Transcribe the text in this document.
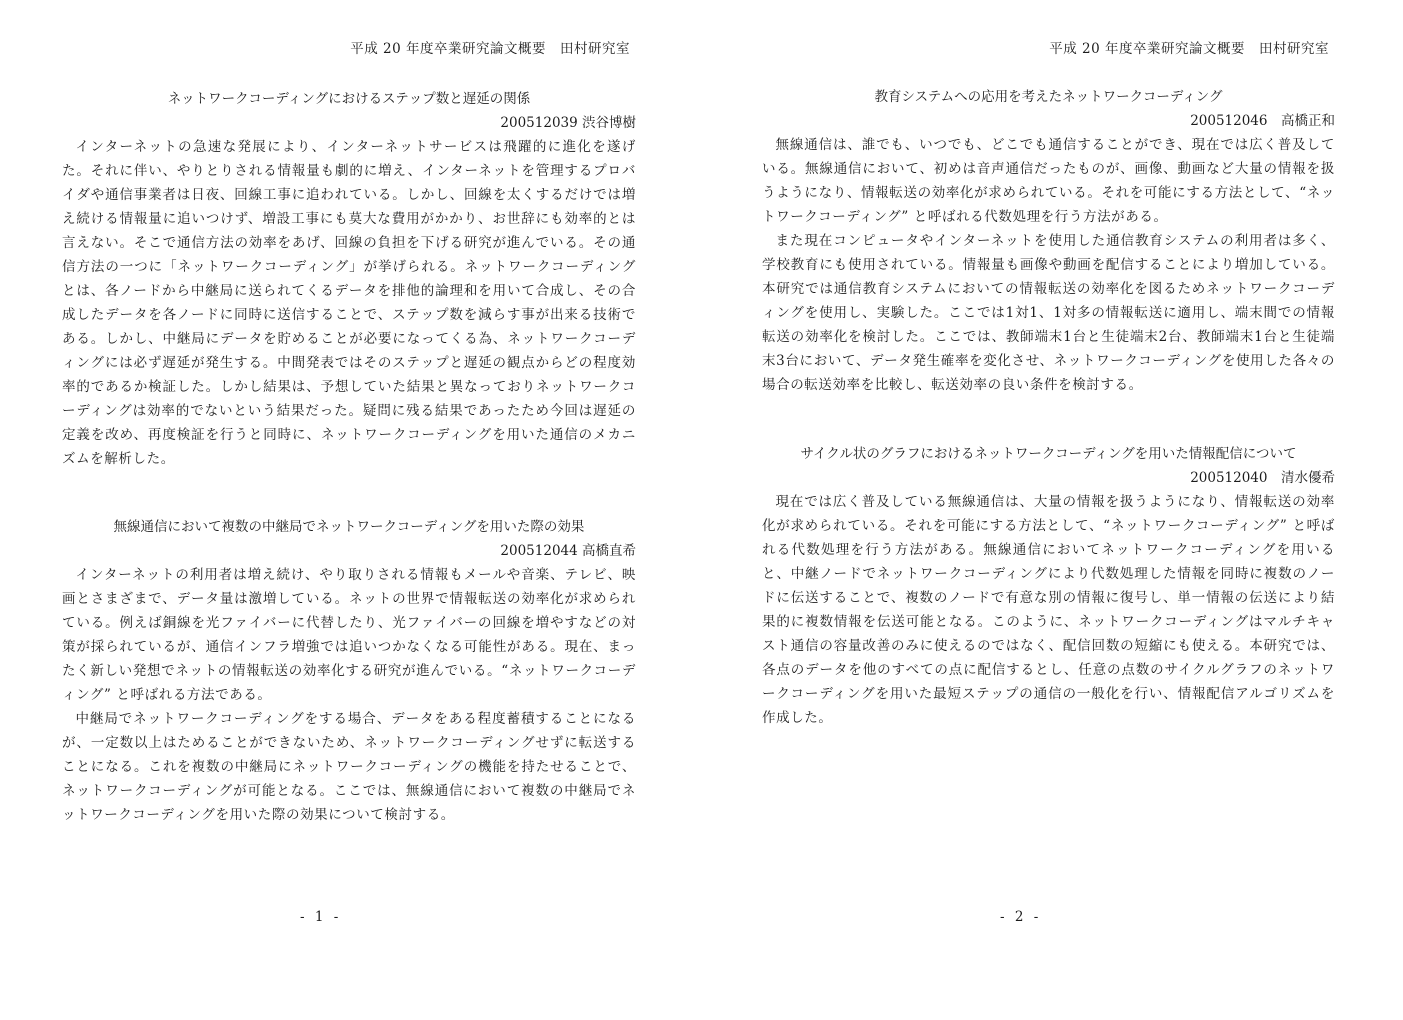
平成 20 年度卒業研究論文概要　田村研究室
ネットワークコーディングにおけるステップ数と遅延の関係
200512039 渋谷博樹

インターネットの急速な発展により、インターネットサービスは飛躍的に進化を遂げた。それに伴い、やりとりされる情報量も劇的に増え、インターネットを管理するプロバイダや通信事業者は日夜、回線工事に追われている。しかし、回線を太くするだけでは増え続ける情報量に追いつけず、増設工事にも莫大な費用がかかり、お世辞にも効率的とは言えない。そこで通信方法の効率をあげ、回線の負担を下げる研究が進んでいる。その通信方法の一つに「ネットワークコーディング」が挙げられる。ネットワークコーディングとは、各ノードから中継局に送られてくるデータを排他的論理和を用いて合成し、その合成したデータを各ノードに同時に送信することで、ステップ数を減らす事が出来る技術である。しかし、中継局にデータを貯めることが必要になってくる為、ネットワークコーディングには必ず遅延が発生する。中間発表ではそのステップと遅延の観点からどの程度効率的であるか検証した。しかし結果は、予想していた結果と異なっておりネットワークコーディングは効率的でないという結果だった。疑問に残る結果であったため今回は遅延の定義を改め、再度検証を行うと同時に、ネットワークコーディングを用いた通信のメカニズムを解析した。

無線通信において複数の中継局でネットワークコーディングを用いた際の効果
200512044 高橋直希

インターネットの利用者は増え続け、やり取りされる情報もメールや音楽、テレビ、映画とさまざまで、データ量は激増している。ネットの世界で情報転送の効率化が求められている。例えば銅線を光ファイバーに代替したり、光ファイバーの回線を増やすなどの対策が採られているが、通信インフラ増強では追いつかなくなる可能性がある。現在、まったく新しい発想でネットの情報転送の効率化する研究が進んでいる。“ネットワークコーディング” と呼ばれる方法である。

中継局でネットワークコーディングをする場合、データをある程度蓄積することになるが、一定数以上はためることができないため、ネットワークコーディングせずに転送することになる。これを複数の中継局にネットワークコーディングの機能を持たせることで、ネットワークコーディングが可能となる。ここでは、無線通信において複数の中継局でネットワークコーディングを用いた際の効果について検討する。

- 1 -
平成 20 年度卒業研究論文概要　田村研究室
教育システムへの応用を考えたネットワークコーディング
200512046　高橋正和

無線通信は、誰でも、いつでも、どこでも通信することができ、現在では広く普及している。無線通信において、初めは音声通信だったものが、画像、動画など大量の情報を扱うようになり、情報転送の効率化が求められている。それを可能にする方法として、“ネットワークコーディング” と呼ばれる代数処理を行う方法がある。

また現在コンピュータやインターネットを使用した通信教育システムの利用者は多く、学校教育にも使用されている。情報量も画像や動画を配信することにより増加している。本研究では通信教育システムにおいての情報転送の効率化を図るためネットワークコーディングを使用し、実験した。ここでは1対1、1対多の情報転送に適用し、端末間での情報転送の効率化を検討した。ここでは、教師端末1台と生徒端末2台、教師端末1台と生徒端末3台において、データ発生確率を変化させ、ネットワークコーディングを使用した各々の場合の転送効率を比較し、転送効率の良い条件を検討する。

サイクル状のグラフにおけるネットワークコーディングを用いた情報配信について
200512040　清水優希

現在では広く普及している無線通信は、大量の情報を扱うようになり、情報転送の効率化が求められている。それを可能にする方法として、“ネットワークコーディング” と呼ばれる代数処理を行う方法がある。無線通信においてネットワークコーディングを用いると、中継ノードでネットワークコーディングにより代数処理した情報を同時に複数のノードに伝送することで、複数のノードで有意な別の情報に復号し、単一情報の伝送により結果的に複数情報を伝送可能となる。このように、ネットワークコーディングはマルチキャスト通信の容量改善のみに使えるのではなく、配信回数の短縮にも使える。本研究では、各点のデータを他のすべての点に配信するとし、任意の点数のサイクルグラフのネットワークコーディングを用いた最短ステップの通信の一般化を行い、情報配信アルゴリズムを作成した。

- 2 -
